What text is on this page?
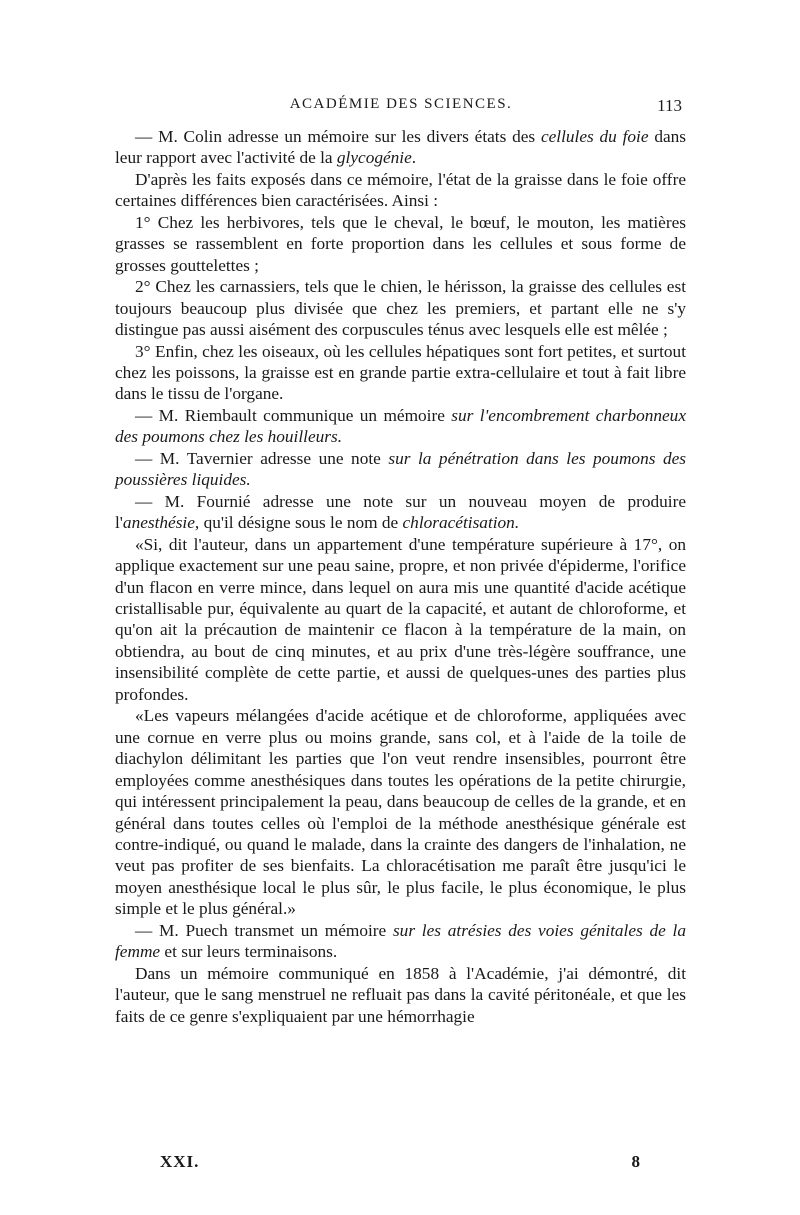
ACADÉMIE DES SCIENCES.	113

— M. Colin adresse un mémoire sur les divers états des cellules du foie dans leur rapport avec l'activité de la glycogénie.

D'après les faits exposés dans ce mémoire, l'état de la graisse dans le foie offre certaines différences bien caractérisées. Ainsi :

1° Chez les herbivores, tels que le cheval, le bœuf, le mouton, les matières grasses se rassemblent en forte proportion dans les cellules et sous forme de grosses gouttelettes ;

2° Chez les carnassiers, tels que le chien, le hérisson, la graisse des cellules est toujours beaucoup plus divisée que chez les premiers, et partant elle ne s'y distingue pas aussi aisément des corpuscules ténus avec lesquels elle est mêlée ;

3° Enfin, chez les oiseaux, où les cellules hépatiques sont fort petites, et surtout chez les poissons, la graisse est en grande partie extra-cellulaire et tout à fait libre dans le tissu de l'organe.

— M. Riembault communique un mémoire sur l'encombrement charbonneux des poumons chez les houilleurs.

— M. Tavernier adresse une note sur la pénétration dans les poumons des poussières liquides.

— M. Fournié adresse une note sur un nouveau moyen de produire l'anesthésie, qu'il désigne sous le nom de chloracétisation.

«Si, dit l'auteur, dans un appartement d'une température supérieure à 17°, on applique exactement sur une peau saine, propre, et non privée d'épiderme, l'orifice d'un flacon en verre mince, dans lequel on aura mis une quantité d'acide acétique cristallisable pur, équivalente au quart de la capacité, et autant de chloroforme, et qu'on ait la précaution de maintenir ce flacon à la température de la main, on obtiendra, au bout de cinq minutes, et au prix d'une très-légère souffrance, une insensibilité complète de cette partie, et aussi de quelques-unes des parties plus profondes.

«Les vapeurs mélangées d'acide acétique et de chloroforme, appliquées avec une cornue en verre plus ou moins grande, sans col, et à l'aide de la toile de diachylon délimitant les parties que l'on veut rendre insensibles, pourront être employées comme anesthésiques dans toutes les opérations de la petite chirurgie, qui intéressent principalement la peau, dans beaucoup de celles de la grande, et en général dans toutes celles où l'emploi de la méthode anesthésique générale est contre-indiqué, ou quand le malade, dans la crainte des dangers de l'inhalation, ne veut pas profiter de ses bienfaits. La chloracétisation me paraît être jusqu'ici le moyen anesthésique local le plus sûr, le plus facile, le plus économique, le plus simple et le plus général.»

— M. Puech transmet un mémoire sur les atrésies des voies génitales de la femme et sur leurs terminaisons.

Dans un mémoire communiqué en 1858 à l'Académie, j'ai démontré, dit l'auteur, que le sang menstruel ne refluait pas dans la cavité péritonéale, et que les faits de ce genre s'expliquaient par une hémorrhagie

XXI.	8
